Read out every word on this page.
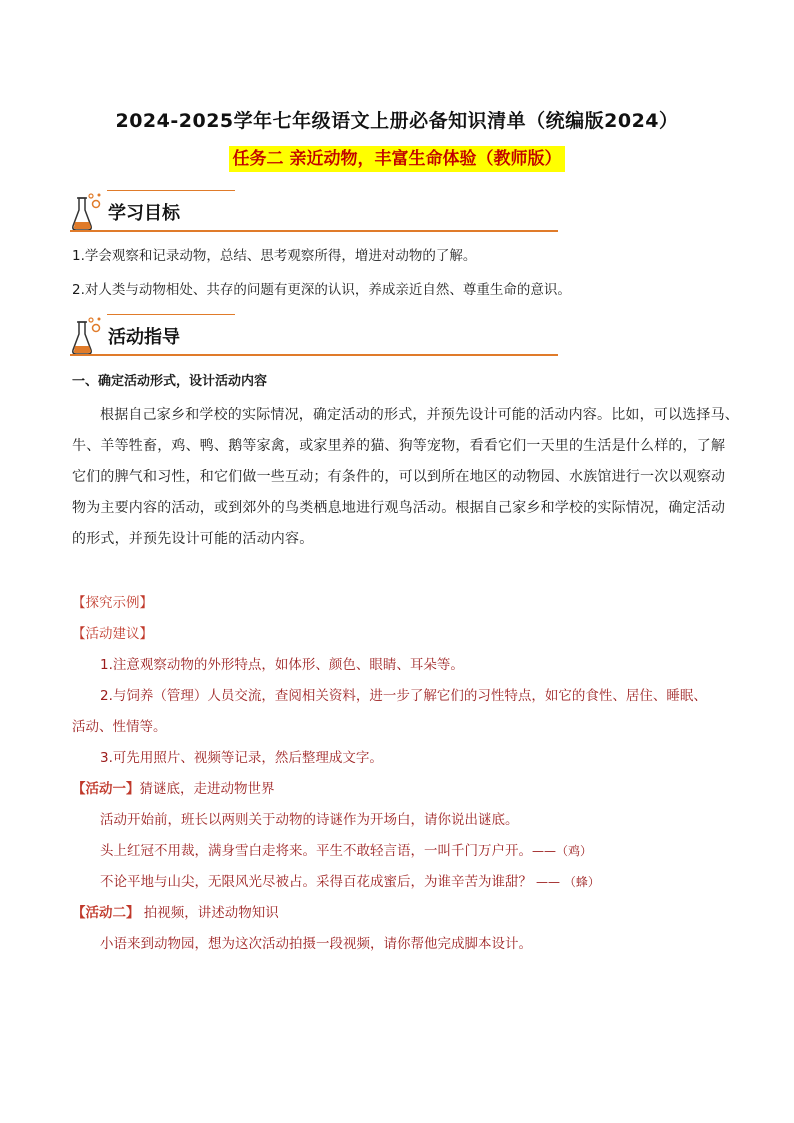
2024-2025学年七年级语文上册必备知识清单（统编版2024）
任务二 亲近动物，丰富生命体验（教师版）
学习目标
1.学会观察和记录动物，总结、思考观察所得，增进对动物的了解。
2.对人类与动物相处、共存的问题有更深的认识，养成亲近自然、尊重生命的意识。
活动指导
一、确定活动形式，设计活动内容
根据自己家乡和学校的实际情况，确定活动的形式，并预先设计可能的活动内容。比如，可以选择马、
牛、羊等牲畜，鸡、鸭、鹅等家禽，或家里养的猫、狗等宠物，看看它们一天里的生活是什么样的，了解
它们的脾气和习性，和它们做一些互动；有条件的，可以到所在地区的动物园、水族馆进行一次以观察动
物为主要内容的活动，或到郊外的鸟类栖息地进行观鸟活动。根据自己家乡和学校的实际情况，确定活动
的形式，并预先设计可能的活动内容。
【探究示例】
【活动建议】
1.注意观察动物的外形特点，如体形、颜色、眼睛、耳朵等。
2.与饲养（管理）人员交流，查阅相关资料，进一步了解它们的习性特点，如它的食性、居住、睡眠、
活动、性情等。
3.可先用照片、视频等记录，然后整理成文字。
【活动一】猜谜底，走进动物世界
活动开始前，班长以两则关于动物的诗谜作为开场白，请你说出谜底。
头上红冠不用裁，满身雪白走将来。平生不敢轻言语，一叫千门万户开。——（鸡）
不论平地与山尖，无限风光尽被占。采得百花成蜜后，为谁辛苦为谁甜？ —— （蜂）
【活动二】 拍视频，讲述动物知识
小语来到动物园，想为这次活动拍摄一段视频，请你帮他完成脚本设计。
